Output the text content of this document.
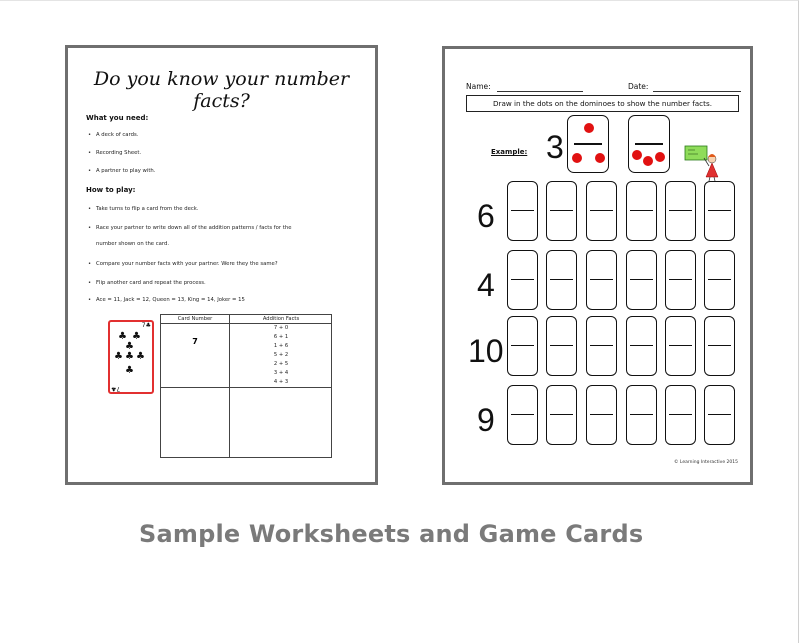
Do you know your number facts?
What you need:
• A deck of cards.
• Recording Sheet.
• A partner to play with.
How to play:
• Take turns to flip a card from the deck.
• Race your partner to write down all of the addition patterns / facts for the
number shown on the card.
• Compare your number facts with your partner. Were they the same?
• Flip another card and repeat the process.
• Ace = 11, Jack = 12, Queen = 13, King = 14, Joker = 15
7♣
♣ ♣
♣
♣ ♣ ♣
♣
7♣
Card Number	Addition Facts
7
7 + 0
6 + 1
1 + 6
5 + 2
2 + 5
3 + 4
4 + 3
Name:	Date:
Draw in the dots on the dominoes to show the number facts.
Example: 3
6
4
10
9
© Learning Interactive 2015
Sample Worksheets and Game Cards
